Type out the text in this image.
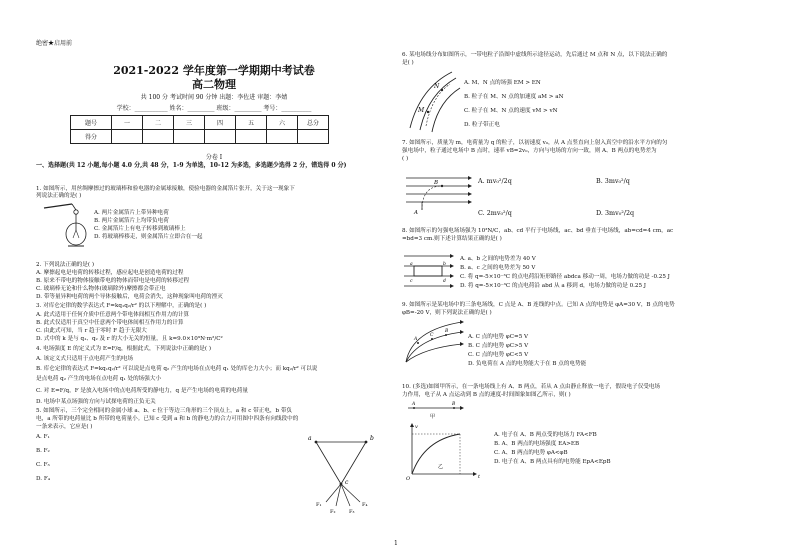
绝密★启用前
2021-2022 学年度第一学期期中考试卷
高二物理
共 100 分 考试时间 90 分钟 出题：李佐进 审题：李婧
学校：___________ 姓名：_________ 班级：_________ 考号：__________
题号	一	二	三	四	五	六	总分
得分							
分卷 I
一、选择题(共 12 小题,每小题 4.0 分,共 48 分，1-9 为单选，10-12 为多选，多选题少选得 2 分，错选得 0 分)
1. 如图所示，用丝绸摩擦过的玻璃棒和验电器的金属球接触，使验电器的金属箔片张开，关于这一现象下
列说法正确的是( )
A. 两片金属箔片上带异种电荷
B. 两片金属箔片上均带负电荷
C. 金属箔片上有电子转移到玻璃棒上
D. 将玻璃棒移走，则金属箔片立即合在一起
2. 下列说法正确的是( )
A. 摩擦起电是电荷的转移过程，感应起电是创造电荷的过程
B. 原来不带电的物体接触带电的物体而带电是电荷的转移过程
C. 玻璃棒无论和什么物体(玻璃除外)摩擦都会带正电
D. 带等量异种电荷的两个导体接触后，电荷会消失，这种现象叫电荷的湮灭
3. 对库仑定律的数学表达式 F=kq₁q₂/r² 的以下理解中，正确的是( )
A. 此式适用于任何介质中任意两个带电体间相互作用力的计算
B. 此式仅适用于真空中任意两个带电体间相互作用力的计算
C. 由此式可知，当 r 趋于零时 F 趋于无限大
D. 式中的 k 是与 q₁、q₂ 及 r 的大小无关的恒量，且 k=9.0×10⁹N·m²/C²
4. 电场强度 E 的定义式为 E=F/q，根据此式，下列说法中正确的是( )
A. 该定义式只适用于点电荷产生的电场
B. 库仑定律的表达式 F=kq₁q₂/r² 可以说是点电荷 q₂ 产生的电场在点电荷 q₁ 处的库仑力大小；而 kq₂/r² 可以说
是点电荷 q₂ 产生的电场在点电荷 q₁ 处的场强大小
C. 对 E=F/q，F 是放入电场中的点电荷所受的静电力，q 是产生电场的电荷的电荷量
D. 电场中某点场强的方向与试探电荷的正负无关
5. 如图所示，三个完全相同的金属小球 a、b、c 位于等边三角形的三个顶点上，a 和 c 带正电，b 带负
电，a 所带的电荷量比 b 所带的电荷量小。已知 c 受到 a 和 b 的静电力的合力可用图中四条有向线段中的
一条来表示，它应是( )
A. F₁
B. F₂
C. F₃
D. F₄
a	b
c
F₁
F₂	F₃
F₄
6. 某电场线分布如图所示，一带电粒子沿图中虚线所示途径运动，先后通过 M 点和 N 点，以下说法正确的
是( )
M
N	A. M、N 点的场强 EM > EN
B. 粒子在 M、N 点的加速度 aM > aN
C. 粒子在 M、N 点的速度 vM > vN
D. 粒子带正电
7. 如图所示，质量为 m，电荷量为 q 的粒子，以初速度 v₀，从 A 点竖直向上射入真空中的沿水平方向的匀
强电场中，粒子通过电场中 B 点时，速率 vB=2v₀，方向与电场的方向一致，则 A、B 两点的电势差为
( )
A
B	A. mv₀²/2q	B. 3mv₀²/q
C. 2mv₀²/q	D. 3mv₀²/2q
8. 如图所示的匀强电场场强为 10³N/C，ab、cd 平行于电场线，ac、bd 垂直于电场线，ab=cd=4 cm，ac
=bd=3 cm.则下述计算结果正确的是( )
a	b
c	d
A. a、b 之间的电势差为 40 V
B. a、c 之间的电势差为 50 V
C. 将 q=-5×10⁻³C 的点电荷沿矩形路径 abdca 移动一周，电场力做的功是 -0.25 J
D. 将 q=-5×10⁻³C 的点电荷沿 abd 从 a 移到 d，电场力做的功是 0.25 J
9. 如图所示是某电场中的三条电场线，C 点是 A、B 连线的中点。已知 A 点的电势是 φA=30 V，B 点的电势
φB=-20 V，则下列说法正确的是( )
A
C
B
A. C 点的电势 φC=5 V
B. C 点的电势 φC>5 V
C. C 点的电势 φC<5 V
D. 负电荷在 A 点的电势能大于在 B 点的电势能
10. (多选)如图甲所示，在一条电场线上有 A、B 两点，若从 A 点由静止释放一电子，假设电子仅受电场
力作用，电子从 A 点运动到 B 点的速度-时间图象如图乙所示，则( )
A	B
甲
v
t
O
乙
A. 电子在 A、B 两点受的电场力 FA<FB
B. A、B 两点的电场强度 EA>EB
C. A、B 两点的电势 φA<φB
D. 电子在 A、B 两点具有的电势能 EpA<EpB
1
